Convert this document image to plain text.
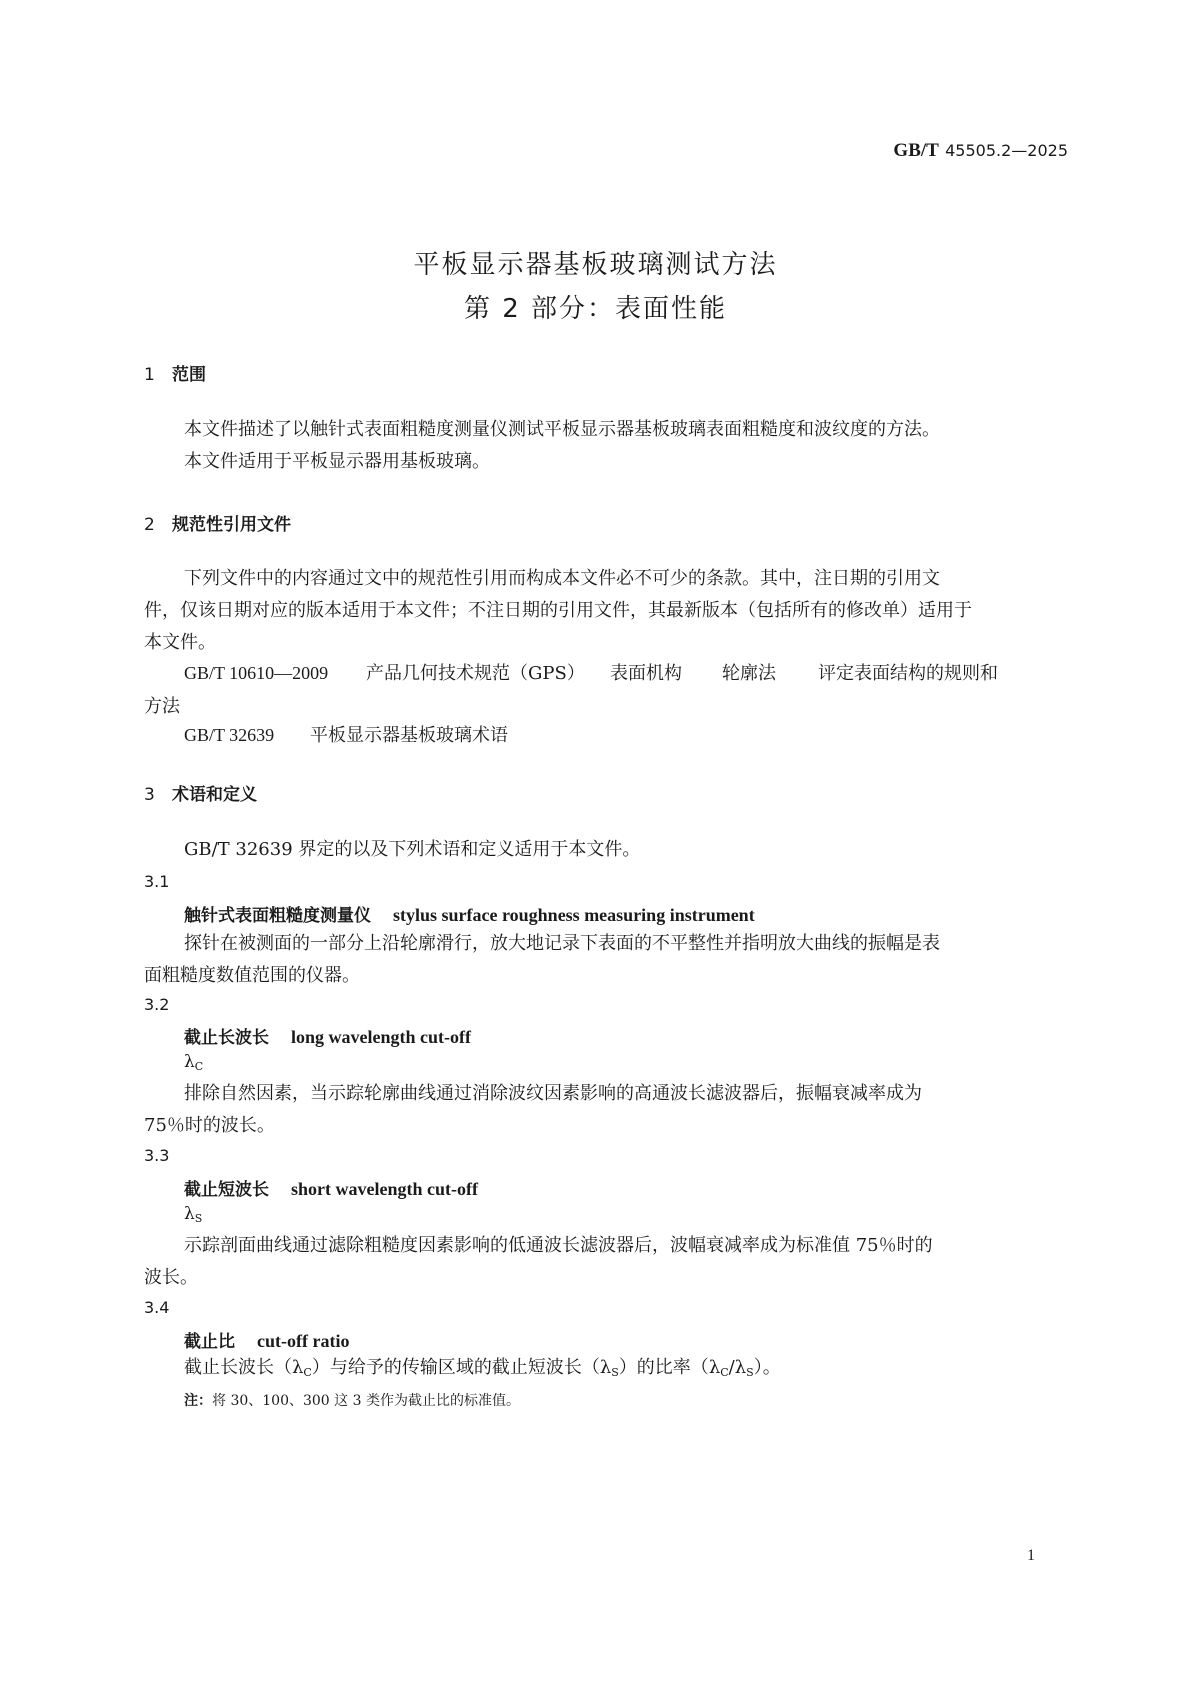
GB/T 45505.2—2025
平板显示器基板玻璃测试方法
第 2 部分：表面性能
1 范围
本文件描述了以触针式表面粗糙度测量仪测试平板显示器基板玻璃表面粗糙度和波纹度的方法。
本文件适用于平板显示器用基板玻璃。
2 规范性引用文件
下列文件中的内容通过文中的规范性引用而构成本文件必不可少的条款。其中，注日期的引用文
件，仅该日期对应的版本适用于本文件；不注日期的引用文件，其最新版本（包括所有的修改单）适用于
本文件。
GB/T 10610—2009 产品几何技术规范（GPS） 表面机构 轮廓法 评定表面结构的规则和
方法
GB/T 32639 平板显示器基板玻璃术语
3 术语和定义
GB/T 32639 界定的以及下列术语和定义适用于本文件。
3.1
触针式表面粗糙度测量仪 stylus surface roughness measuring instrument
探针在被测面的一部分上沿轮廓滑行，放大地记录下表面的不平整性并指明放大曲线的振幅是表
面粗糙度数值范围的仪器。
3.2
截止长波长 long wavelength cut-off
$\lambda_C$
排除自然因素，当示踪轮廓曲线通过消除波纹因素影响的高通波长滤波器后，振幅衰减率成为
75％时的波长。
3.3
截止短波长 short wavelength cut-off
$\lambda_S$
示踪剖面曲线通过滤除粗糙度因素影响的低通波长滤波器后，波幅衰减率成为标准值 75％时的
波长。
3.4
截止比 cut-off ratio
截止长波长$(\lambda_C)$与给予的传输区域的截止短波长$(\lambda_S)$的比率$(\lambda_C/\lambda_S)$。
注：将 30、100、300 这 3 类作为截止比的标准值。
1
